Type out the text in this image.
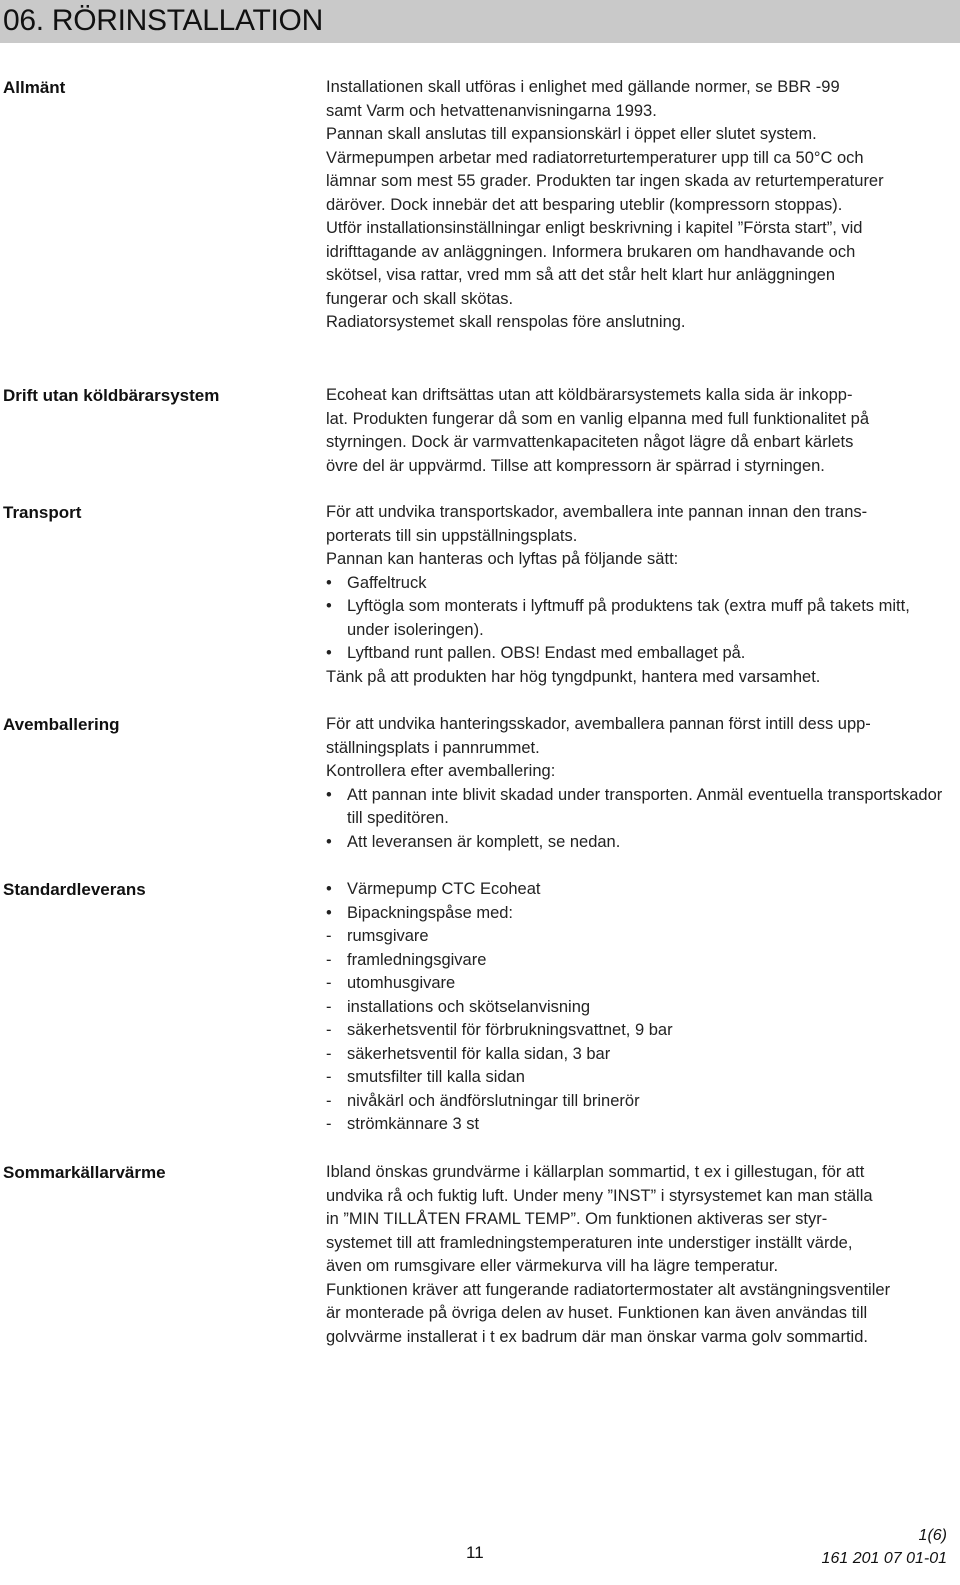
06. RÖRINSTALLATION

Allmänt	Installationen skall utföras i enlighet med gällande normer, se BBR -99

samt Varm och hetvattenanvisningarna 1993.

Pannan skall anslutas till expansionskärl i öppet eller slutet system.

Värmepumpen arbetar med radiatorreturtemperaturer upp till ca 50°C och

lämnar som mest 55 grader. Produkten tar ingen skada av returtemperaturer

däröver. Dock innebär det att besparing uteblir (kompressorn stoppas).

Utför installationsinställningar enligt beskrivning i kapitel ”Första start”, vid

idrifttagande av anläggningen. Informera brukaren om handhavande och

skötsel, visa rattar, vred mm så att det står helt klart hur anläggningen

fungerar och skall skötas.

Radiatorsystemet skall renspolas före anslutning.

Drift utan köldbärarsystem	Ecoheat kan driftsättas utan att köldbärarsystemets kalla sida är inkopp-

lat. Produkten fungerar då som en vanlig elpanna med full funktionalitet på

styrningen. Dock är varmvattenkapaciteten något lägre då enbart kärlets

övre del är uppvärmd. Tillse att kompressorn är spärrad i styrningen.

Transport	För att undvika transportskador, avemballera inte pannan innan den trans-

porterats till sin uppställningsplats.

Pannan kan hanteras och lyftas på följande sätt:

• Gaffeltruck
• Lyftögla som monterats i lyftmuff på produktens tak (extra muff på takets mitt, under isoleringen).
• Lyftband runt pallen. OBS! Endast med emballaget på.

Tänk på att produkten har hög tyngdpunkt, hantera med varsamhet.

Avemballering	För att undvika hanteringsskador, avemballera pannan först intill dess upp-

ställningsplats i pannrummet.

Kontrollera efter avemballering:

• Att pannan inte blivit skadad under transporten. Anmäl eventuella transportskador till speditören.
• Att leveransen är komplett, se nedan.

Standardleverans	• Värmepump CTC Ecoheat
• Bipackningspåse med:
- rumsgivare
- framledningsgivare
- utomhusgivare
- installations och skötselanvisning
- säkerhetsventil för förbrukningsvattnet, 9 bar
- säkerhetsventil för kalla sidan, 3 bar
- smutsfilter till kalla sidan
- nivåkärl och ändförslutningar till brinerör
- strömkännare 3 st

Sommarkällarvärme	Ibland önskas grundvärme i källarplan sommartid, t ex i gillestugan, för att

undvika rå och fuktig luft. Under meny ”INST” i styrsystemet kan man ställa

in ”MIN TILLÅTEN FRAML TEMP”. Om funktionen aktiveras ser styr-

systemet till att framledningstemperaturen inte understiger inställt värde,

även om rumsgivare eller värmekurva vill ha lägre temperatur.

Funktionen kräver att fungerande radiatortermostater alt avstängningsventiler

är monterade på övriga delen av huset. Funktionen kan även användas till

golvvärme installerat i t ex badrum där man önskar varma golv sommartid.

11

1(6)

161 201 07 01-01
